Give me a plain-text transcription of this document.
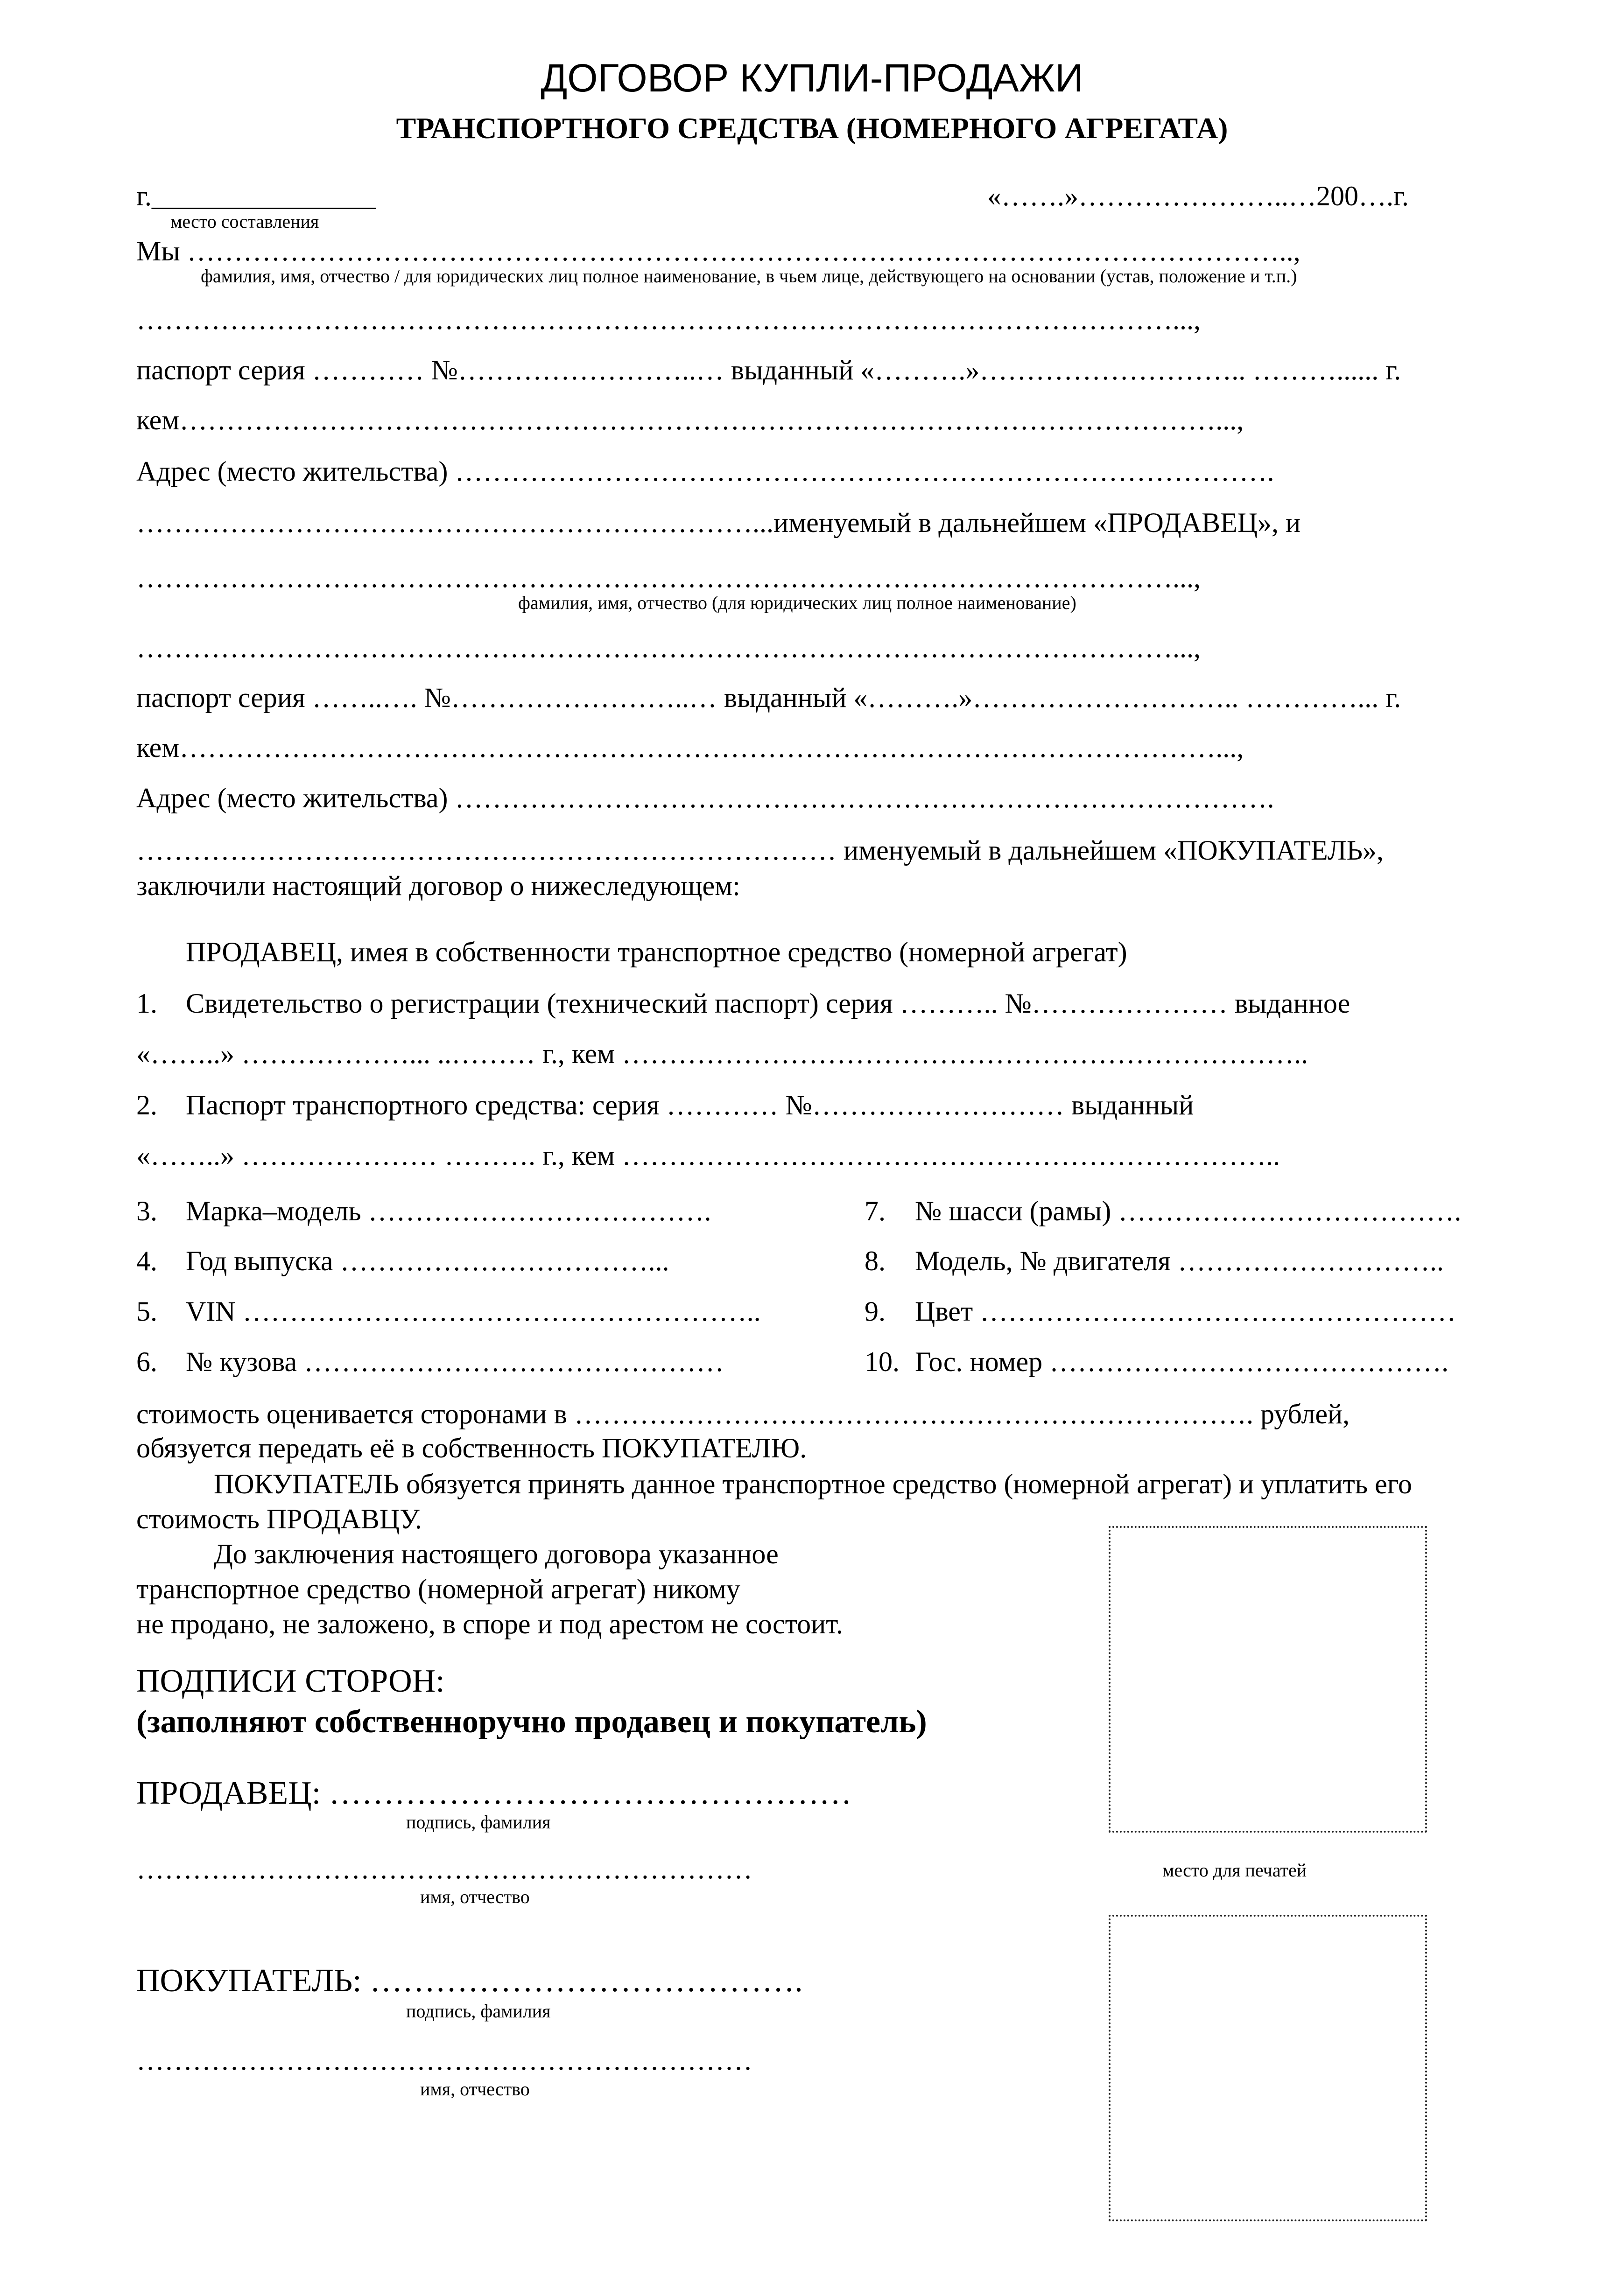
ДОГОВОР КУПЛИ-ПРОДАЖИ
ТРАНСПОРТНОГО СРЕДСТВА (НОМЕРНОГО АГРЕГАТА)
г.________________	«…….»…………………..…200….г.
место составления
Мы ………………………………………………………………………………………………………..,
фамилия, имя, отчество / для юридических лиц полное наименование, в чьем лице, действующего на основании (устав, положение и т.п.)
…………………………………………………………………………………………………...,
паспорт серия ………… №……………………..… выданный «……….»……………………….. ………...... г.
кем…………………………………………………………………………………………………...,
Адрес (место жительства) …………………………………………………………………………….
…………………………………………………………...именуемый в дальнейшем «ПРОДАВЕЦ», и
…………………………………………………………………………………………………...,
фамилия, имя, отчество (для юридических лиц полное наименование)
…………………………………………………………………………………………………...,
паспорт серия ……..…. №……………………..… выданный «……….»……………………….. …………... г.
кем…………………………………………………………………………………………………...,
Адрес (место жительства) …………………………………………………………………………….
………………………………………………………………… именуемый в дальнейшем «ПОКУПАТЕЛЬ»,
заключили настоящий договор о нижеследующем:
ПРОДАВЕЦ, имея в собственности транспортное средство (номерной агрегат)
1. Свидетельство о регистрации (технический паспорт) серия ……….. №………………… выданное
«……..» ………………... ..……… г., кем ………………………………………………………………..
2. Паспорт транспортного средства: серия ………… №……………………… выданный
«……..» ………………… ………. г., кем ……………………………………………………………..
3. Марка–модель ……………………………….
4. Год выпуска ……………………………...
5. VIN ………………………………………………..
6. № кузова ………………………………………
7. № шасси (рамы) ……………………………….
8. Модель, № двигателя ………………………..
9. Цвет ……………………………………………
10. Гос. номер …………………………………….
стоимость оценивается сторонами в ………………………………………………………………. рублей,
обязуется передать её в собственность ПОКУПАТЕЛЮ.
ПОКУПАТЕЛЬ обязуется принять данное транспортное средство (номерной агрегат) и уплатить его
стоимость ПРОДАВЦУ.
До заключения настоящего договора указанное
транспортное средство (номерной агрегат) никому
не продано, не заложено, в споре и под арестом не состоит.
ПОДПИСИ СТОРОН:
(заполняют собственноручно продавец и покупатель)
ПРОДАВЕЦ: …………………………………………
подпись, фамилия
…………………………………………………………
имя, отчество
ПОКУПАТЕЛЬ: ………………………………….
подпись, фамилия
…………………………………………………………
имя, отчество
место для печатей
